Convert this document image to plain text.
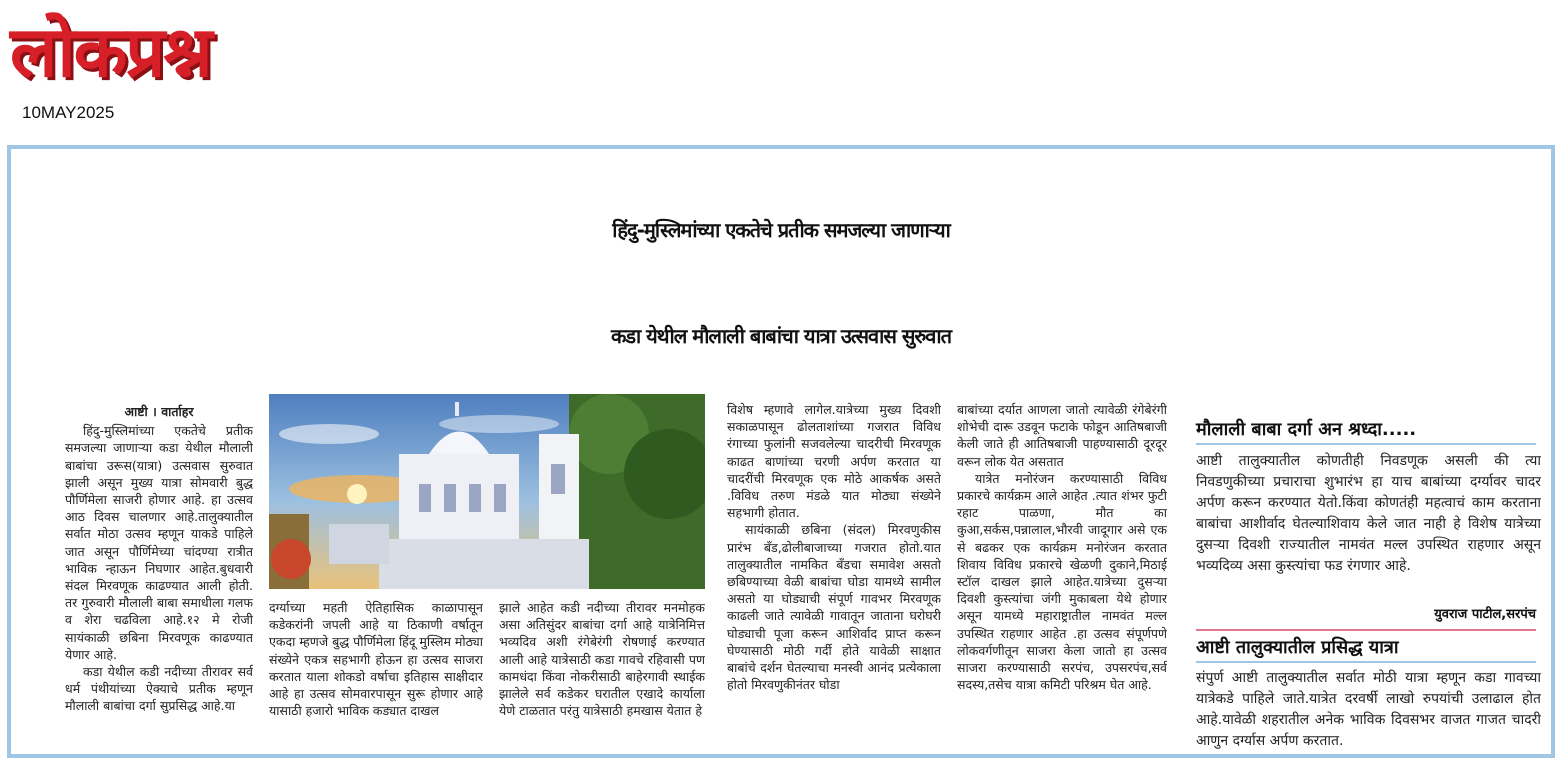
लोकप्रश्न
10MAY2025
हिंदु-मुस्लिमांच्या एकतेचे प्रतीक समजल्या जाणाऱ्या
कडा येथील मौलाली बाबांचा यात्रा उत्सवास सुरुवात

आष्टी । वार्ताहर

हिंदु-मुस्लिमांच्या एकतेचे प्रतीक समजल्या जाणाऱ्या कडा येथील मौलाली बाबांचा उरूस(यात्रा) उत्सवास सुरुवात झाली असून मुख्य यात्रा सोमवारी बुद्ध पौर्णिमेला साजरी होणार आहे. हा उत्सव आठ दिवस चालणार आहे.तालुक्यातील सर्वात मोठा उत्सव म्हणून याकडे पाहिले जात असून पौर्णिमेच्या चांदण्या रात्रीत भाविक न्हाऊन निघणार आहेत.बुधवारी संदल मिरवणूक काढण्यात आली होती. तर गुरुवारी मौलाली बाबा समाधीला गलफ व शेरा चढविला आहे.१२ मे रोजी सायंकाळी छबिना मिरवणूक काढण्यात येणार आहे.

कडा येथील कडी नदीच्या तीरावर सर्व धर्म पंथीयांच्या ऐक्याचे प्रतीक म्हणून मौलाली बाबांचा दर्गा सुप्रसिद्ध आहे.या

दर्ग्याच्या महती ऐतिहासिक काळापासून कडेकरांनी जपली आहे या ठिकाणी वर्षातून एकदा म्हणजे बुद्ध पौर्णिमेला हिंदू मुस्लिम मोठ्या संख्येने एकत्र सहभागी होऊन हा उत्सव साजरा करतात याला शोकडो वर्षाचा इतिहास साक्षीदार आहे हा उत्सव सोमवारपासून सुरू होणार आहे यासाठी हजारो भाविक कड्यात दाखल

झाले आहेत कडी नदीच्या तीरावर मनमोहक असा अतिसुंदर बाबांचा दर्गा आहे यात्रेनिमित्त भव्यदिव अशी रंगेबेरंगी रोषणाई करण्यात आली आहे यात्रेसाठी कडा गावचे रहिवासी पण कामधंदा किंवा नोकरीसाठी बाहेरगावी स्थाईक झालेले सर्व कडेकर घरातील एखादे कार्याला येणे टाळतात परंतु यात्रेसाठी हमखास येतात हे

विशेष म्हणावे लागेल.यात्रेच्या मुख्य दिवशी सकाळपासून ढोलताशांच्या गजरात विविध रंगाच्या फुलांनी सजवलेल्या चादरीची मिरवणूक काढत बाणांच्या चरणी अर्पण करतात या चादरींची मिरवणूक एक मोठे आकर्षक असते .विविध तरुण मंडळे यात मोठ्या संख्येने सहभागी होतात.

सायंकाळी छबिना (संदल) मिरवणुकीस प्रारंभ बँड,ढोलीबाजाच्या गजरात होतो.यात तालुक्यातील नामकित बँडचा समावेश असतो छबिण्याच्या वेळी बाबांचा घोडा यामध्ये सामील असतो या घोड्याची संपूर्ण गावभर मिरवणूक काढली जाते त्यावेळी गावातून जाताना घरोघरी घोड्याची पूजा करून आशिर्वाद प्राप्त करून घेण्यासाठी मोठी गर्दी होते यावेळी साक्षात बाबांचे दर्शन घेतल्याचा मनस्वी आनंद प्रत्येकाला होतो मिरवणुकीनंतर घोडा

बाबांच्या दर्यात आणला जातो त्यावेळी रंगेबेरंगी शोभेची दारू उडवून फटाके फोडून आतिषबाजी केली जाते ही आतिषबाजी पाहण्यासाठी दूरदूर वरून लोक येत असतात

यात्रेत मनोरंजन करण्यासाठी विविध प्रकारचे कार्यक्रम आले आहेत .त्यात शंभर फुटी रहाट पाळणा, मौत का कुआ,सर्कस,पन्नालाल,भौरवी जादूगार असे एक से बढकर एक कार्यक्रम मनोरंजन करतात शिवाय विविध प्रकारचे खेळणी दुकाने,मिठाई स्टॉल दाखल झाले आहेत.यात्रेच्या दुसऱ्या दिवशी कुस्त्यांचा जंगी मुकाबला येथे होणार असून यामध्ये महाराष्ट्रातील नामवंत मल्ल उपस्थित राहणार आहेत .हा उत्सव संपूर्णपणे लोकवर्गणीतून साजरा केला जातो हा उत्सव साजरा करण्यासाठी सरपंच, उपसरपंच,सर्व सदस्य,तसेच यात्रा कमिटी परिश्रम घेत आहे.

मौलाली बाबा दर्गा अन श्रध्दा.....
आष्टी तालुक्यातील कोणतीही निवडणूक असली की त्या निवडणुकीच्या प्रचाराचा शुभारंभ हा याच बाबांच्या दर्ग्यावर चादर अर्पण करून करण्यात येतो.किंवा कोणतंही महत्वाचं काम करताना बाबांचा आशीर्वाद घेतल्याशिवाय केले जात नाही हे विशेष यात्रेच्या दुसऱ्या दिवशी राज्यातील नामवंत मल्ल उपस्थित राहणार असून भव्यदिव्य असा कुस्त्यांचा फड रंगणार आहे.
युवराज पाटील,सरपंच
आष्टी तालुक्यातील प्रसिद्ध यात्रा
संपुर्ण आष्टी तालुक्यातील सर्वात मोठी यात्रा म्हणून कडा गावच्या यात्रेकडे पाहिले जाते.यात्रेत दरवर्षी लाखो रुपयांची उलाढाल होत आहे.यावेळी शहरातील अनेक भाविक दिवसभर वाजत गाजत चादरी आणुन दर्ग्यास अर्पण करतात.
